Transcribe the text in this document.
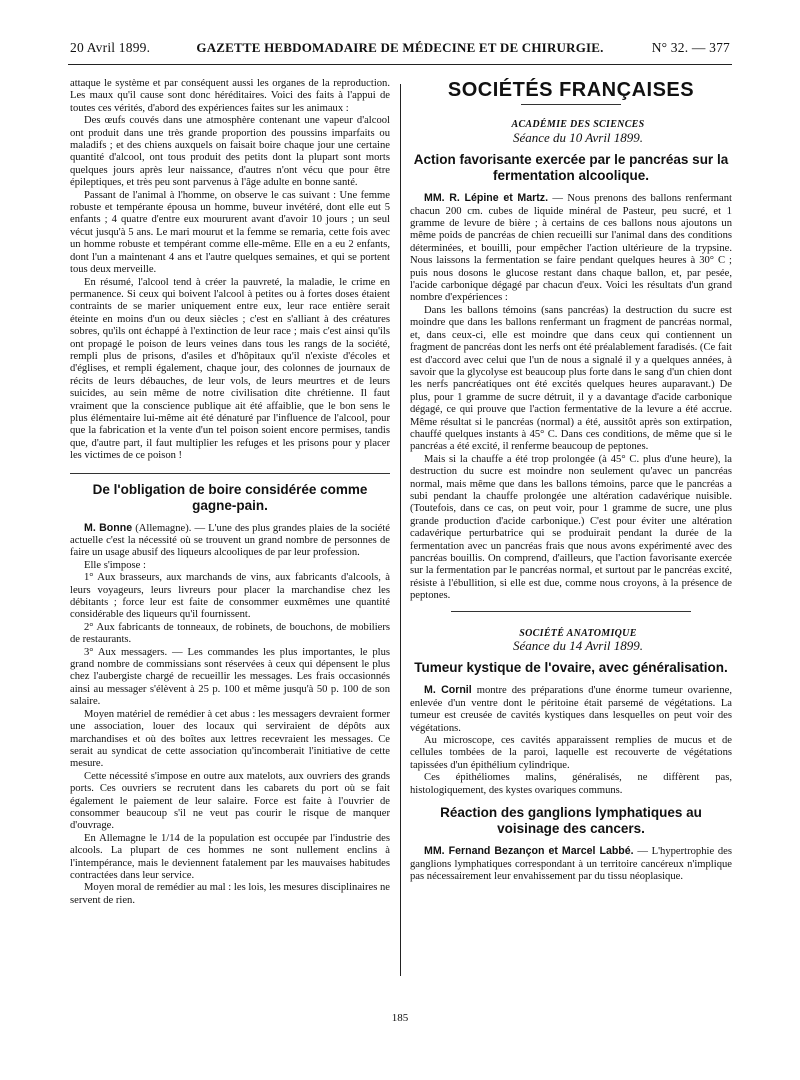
20 Avril 1899.	GAZETTE HEBDOMADAIRE DE MÉDECINE ET DE CHIRURGIE.	N° 32. — 377

attaque le système et par conséquent aussi les organes de la reproduction. Les maux qu'il cause sont donc héréditaires. Voici des faits à l'appui de toutes ces vérités, d'abord des expériences faites sur les animaux :

Des œufs couvés dans une atmosphère contenant une vapeur d'alcool ont produit dans une très grande proportion des poussins imparfaits ou maladifs ; et des chiens auxquels on faisait boire chaque jour une certaine quantité d'alcool, ont tous produit des petits dont la plupart sont morts quelques jours après leur naissance, d'autres n'ont vécu que pour être épileptiques, et très peu sont parvenus à l'âge adulte en bonne santé.

Passant de l'animal à l'homme, on observe le cas suivant : Une femme robuste et tempérante épousa un homme, buveur invétéré, dont elle eut 5 enfants ; 4 quatre d'entre eux moururent avant d'avoir 10 jours ; un seul vécut jusqu'à 5 ans. Le mari mourut et la femme se remaria, cette fois avec un homme robuste et tempérant comme elle-même. Elle en a eu 2 enfants, dont l'un a maintenant 4 ans et l'autre quelques semaines, et qui se portent tous deux merveille.

En résumé, l'alcool tend à créer la pauvreté, la maladie, le crime en permanence. Si ceux qui boivent l'alcool à petites ou à fortes doses étaient contraints de se marier uniquement entre eux, leur race entière serait éteinte en moins d'un ou deux siècles ; c'est en s'alliant à des créatures sobres, qu'ils ont échappé à l'extinction de leur race ; mais c'est ainsi qu'ils ont propagé le poison de leurs veines dans tous les rangs de la société, rempli plus de prisons, d'asiles et d'hôpitaux qu'il n'existe d'écoles et d'églises, et rempli également, chaque jour, des colonnes de journaux de récits de leurs débauches, de leur vols, de leurs meurtres et de leurs suicides, au sein même de notre civilisation dite chrétienne. Il faut vraiment que la conscience publique ait été affaiblie, que le bon sens le plus élémentaire lui-même ait été dénaturé par l'influence de l'alcool, pour que la fabrication et la vente d'un tel poison soient encore permises, tandis que, d'autre part, il faut multiplier les refuges et les prisons pour y placer les victimes de ce poison !

De l'obligation de boire considérée comme gagne-pain.

M. Bonne (Allemagne). — L'une des plus grandes plaies de la société actuelle c'est la nécessité où se trouvent un grand nombre de personnes de faire un usage abusif des liqueurs alcooliques de par leur profession.

Elle s'impose :

1° Aux brasseurs, aux marchands de vins, aux fabricants d'alcools, à leurs voyageurs, leurs livreurs pour placer la marchandise chez les débitants ; force leur est faite de consommer euxmêmes une quantité considérable des liqueurs qu'il fournissent.

2° Aux fabricants de tonneaux, de robinets, de bouchons, de mobiliers de restaurants.

3° Aux messagers. — Les commandes les plus importantes, le plus grand nombre de commissians sont réservées à ceux qui dépensent le plus chez l'aubergiste chargé de recueillir les messages. Les frais occasionnés ainsi au messager s'élèvent à 25 p. 100 et même jusqu'à 50 p. 100 de son salaire.

Moyen matériel de remédier à cet abus : les messagers devraient former une association, louer des locaux qui serviraient de dépôts aux marchandises et où des boîtes aux lettres recevraient les messages. Ce serait au syndicat de cette association qu'incomberait l'initiative de cette mesure.

Cette nécessité s'impose en outre aux matelots, aux ouvriers des grands ports. Ces ouvriers se recrutent dans les cabarets du port où se fait également le paiement de leur salaire. Force est faite à l'ouvrier de consommer beaucoup s'il ne veut pas courir le risque de manquer d'ouvrage.

En Allemagne le 1/14 de la population est occupée par l'industrie des alcools. La plupart de ces hommes ne sont nullement enclins à l'intempérance, mais le deviennent fatalement par les mauvaises habitudes contractées dans leur service.

Moyen moral de remédier au mal : les lois, les mesures disciplinaires ne servent de rien.

SOCIÉTÉS FRANÇAISES

ACADÉMIE DES SCIENCES

Séance du 10 Avril 1899.

Action favorisante exercée par le pancréas sur la fermentation alcoolique.

MM. R. Lépine et Martz. — Nous prenons des ballons renfermant chacun 200 cm. cubes de liquide minéral de Pasteur, peu sucré, et 1 gramme de levure de bière ; à certains de ces ballons nous ajoutons un même poids de pancréas de chien recueilli sur l'animal dans des conditions déterminées, et bouilli, pour empêcher l'action ultérieure de la trypsine. Nous laissons la fermentation se faire pendant quelques heures à 30° C ; puis nous dosons le glucose restant dans chaque ballon, et, par pesée, l'acide carbonique dégagé par chacun d'eux. Voici les résultats d'un grand nombre d'expériences :

Dans les ballons témoins (sans pancréas) la destruction du sucre est moindre que dans les ballons renfermant un fragment de pancréas normal, et, dans ceux-ci, elle est moindre que dans ceux qui contiennent un fragment de pancréas dont les nerfs ont été préalablement faradisés. (Ce fait est d'accord avec celui que l'un de nous a signalé il y a quelques années, à savoir que la glycolyse est beaucoup plus forte dans le sang d'un chien dont les nerfs pancréatiques ont été excités quelques heures auparavant.) De plus, pour 1 gramme de sucre détruit, il y a davantage d'acide carbonique dégagé, ce qui prouve que l'action fermentative de la levure a été accrue. Même résultat si le pancréas (normal) a été, aussitôt après son extirpation, chauffé quelques instants à 45° C. Dans ces conditions, de même que si le pancréas a été excité, il renferme beaucoup de peptones.

Mais si la chauffe a été trop prolongée (à 45° C. plus d'une heure), la destruction du sucre est moindre non seulement qu'avec un pancréas normal, mais même que dans les ballons témoins, parce que le pancréas a subi pendant la chauffe prolongée une altération cadavérique nuisible. (Toutefois, dans ce cas, on peut voir, pour 1 gramme de sucre, une plus grande production d'acide carbonique.) C'est pour éviter une altération cadavérique perturbatrice qui se produirait pendant la durée de la fermentation avec un pancréas frais que nous avons expérimenté avec des pancréas bouillis. On comprend, d'ailleurs, que l'action favorisante exercée sur la fermentation par le pancréas normal, et surtout par le pancréas excité, résiste à l'ébullition, si elle est due, comme nous croyons, à la présence de peptones.

SOCIÉTÉ ANATOMIQUE

Séance du 14 Avril 1899.

Tumeur kystique de l'ovaire, avec généralisation.

M. Cornil montre des préparations d'une énorme tumeur ovarienne, enlevée d'un ventre dont le péritoine était parsemé de végétations. La tumeur est creusée de cavités kystiques dans lesquelles on peut voir des végétations.

Au microscope, ces cavités apparaissent remplies de mucus et de cellules tombées de la paroi, laquelle est recouverte de végétations tapissées d'un épithélium cylindrique.

Ces épithéliomes malins, généralisés, ne diffèrent pas, histologiquement, des kystes ovariques communs.

Réaction des ganglions lymphatiques au voisinage des cancers.

MM. Fernand Bezançon et Marcel Labbé. — L'hypertrophie des ganglions lymphatiques correspondant à un territoire cancéreux n'implique pas nécessairement leur envahissement par du tissu néoplasique.

185
